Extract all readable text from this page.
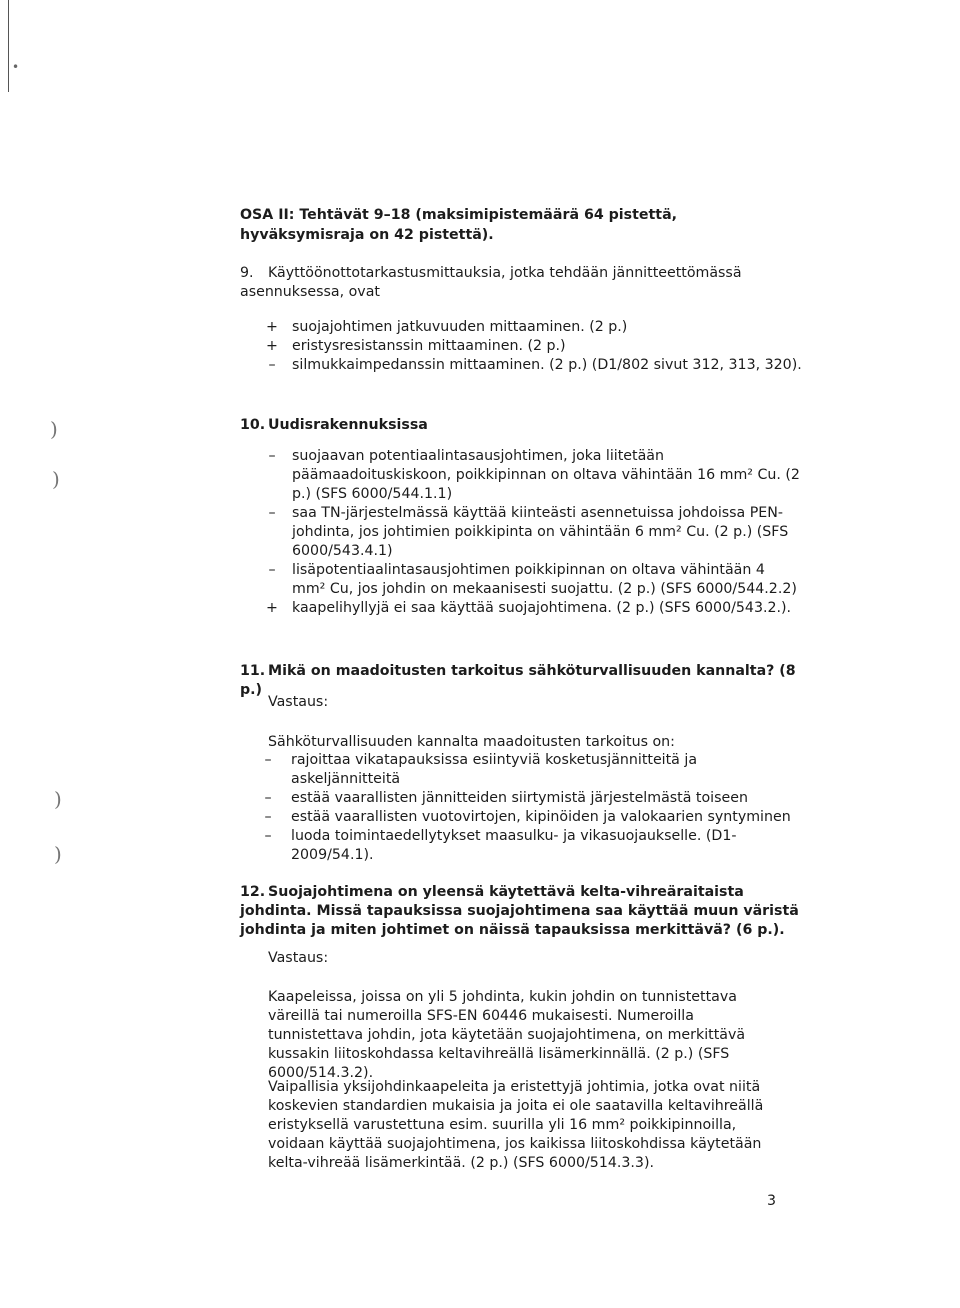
•
)
)
)
)

OSA II: Tehtävät 9–18 (maksimipistemäärä 64 pistettä, hyväksymisraja on 42 pistettä).

9. Käyttöönottotarkastusmittauksia, jotka tehdään jännitteettömässä asennuksessa, ovat
+ suojajohtimen jatkuvuuden mittaaminen. (2 p.)
+ eristysresistanssin mittaaminen. (2 p.)
–	silmukkaimpedanssin mittaaminen. (2 p.) (D1/802 sivut 312, 313, 320).
10. Uudisrakennuksissa
–	suojaavan potentiaalintasausjohtimen, joka liitetään päämaadoituskiskoon, poikkipinnan on oltava vähintään 16 mm² Cu. (2 p.) (SFS 6000/544.1.1)
–	saa TN-järjestelmässä käyttää kiinteästi asennetuissa johdoissa PEN-johdinta, jos johtimien poikkipinta on vähintään 6 mm² Cu. (2 p.) (SFS 6000/543.4.1)
–	lisäpotentiaalintasausjohtimen poikkipinnan on oltava vähintään 4 mm² Cu, jos johdin on mekaanisesti suojattu. (2 p.) (SFS 6000/544.2.2)
+ kaapelihyllyjä ei saa käyttää suojajohtimena. (2 p.) (SFS 6000/543.2.).
11. Mikä on maadoitusten tarkoitus sähköturvallisuuden kannalta? (8 p.)
Vastaus:
Sähköturvallisuuden kannalta maadoitusten tarkoitus on:
–	rajoittaa vikatapauksissa esiintyviä kosketusjännitteitä ja askeljännitteitä
–	estää vaarallisten jännitteiden siirtymistä järjestelmästä toiseen
–	estää vaarallisten vuotovirtojen, kipinöiden ja valokaarien syntyminen
–	luoda toimintaedellytykset maasulku- ja vikasuojaukselle. (D1-2009/54.1).
12. Suojajohtimena on yleensä käytettävä kelta-vihreäraitaista johdinta. Missä tapauksissa suojajohtimena saa käyttää muun väristä johdinta ja miten johtimet on näissä tapauksissa merkittävä? (6 p.).
Vastaus:

Kaapeleissa, joissa on yli 5 johdinta, kukin johdin on tunnistettava väreillä tai numeroilla SFS-EN 60446 mukaisesti. Numeroilla tunnistettava johdin, jota käytetään suojajohtimena, on merkittävä kussakin liitoskohdassa keltavihreällä lisämerkinnällä. (2 p.) (SFS 6000/514.3.2).

Vaipallisia yksijohdinkaapeleita ja eristettyjä johtimia, jotka ovat niitä koskevien standardien mukaisia ja joita ei ole saatavilla keltavihreällä eristyksellä varustettuna esim. suurilla yli 16 mm² poikkipinnoilla, voidaan käyttää suojajohtimena, jos kaikissa liitoskohdissa käytetään kelta-vihreää lisämerkintää. (2 p.) (SFS 6000/514.3.3).

3
